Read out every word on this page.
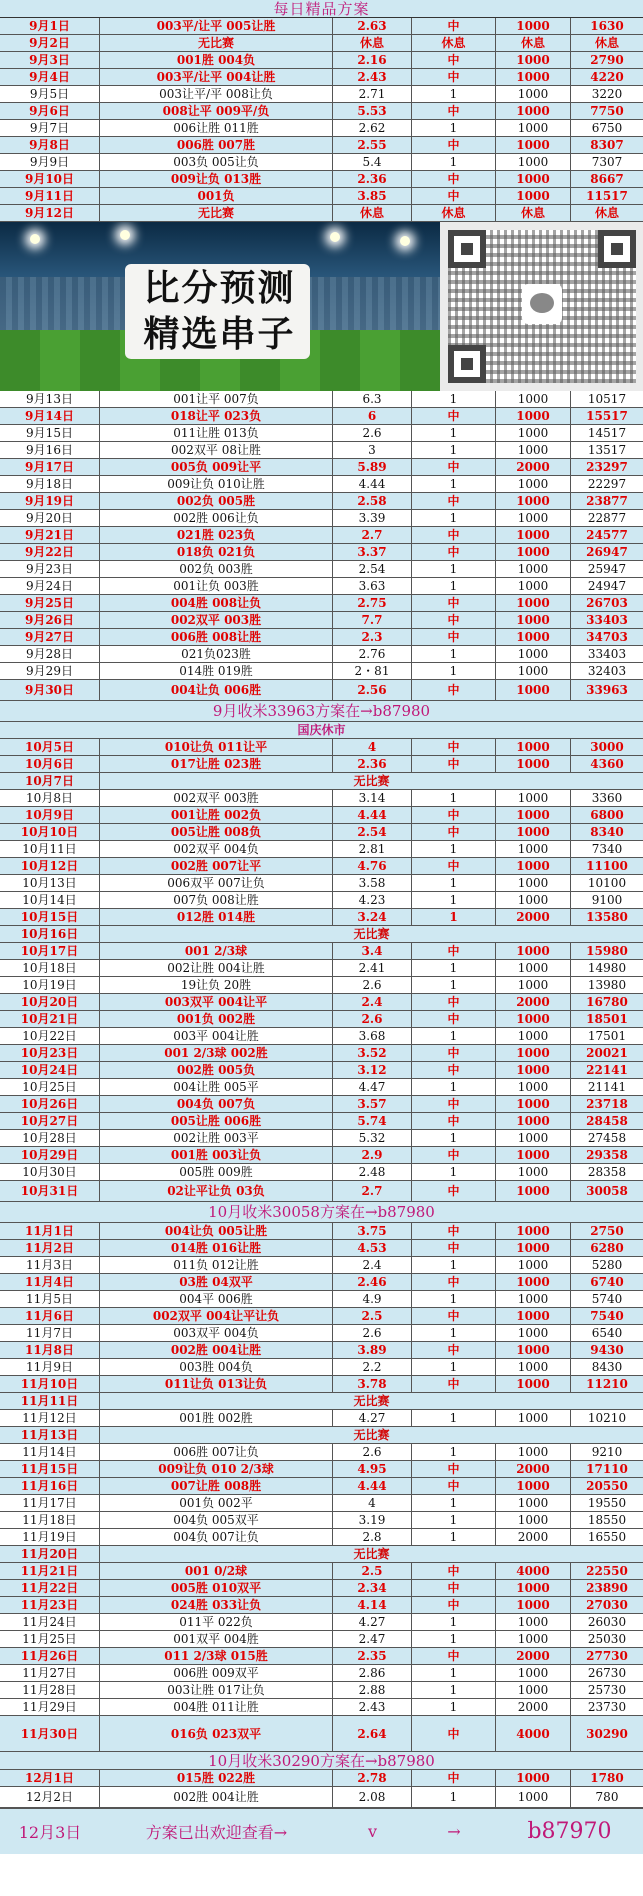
每日精品方案
9月1日	003平/让平 005让胜	2.63	中	1000	1630
9月2日	无比赛	休息	休息	休息	休息
9月3日	001胜 004负	2.16	中	1000	2790
9月4日	003平/让平 004让胜	2.43	中	1000	4220
9月5日	003让平/平 008让负	2.71	1	1000	3220
9月6日	008让平 009平/负	5.53	中	1000	7750
9月7日	006让胜 011胜	2.62	1	1000	6750
9月8日	006胜 007胜	2.55	中	1000	8307
9月9日	003负 005让负	5.4	1	1000	7307
9月10日	009让负 013胜	2.36	中	1000	8667
9月11日	001负	3.85	中	1000	11517
9月12日	无比赛	休息	休息	休息	休息
比分预测
精选串子
9月13日	001让平 007负	6.3	1	1000	10517
9月14日	018让平 023负	6	中	1000	15517
9月15日	011让胜 013负	2.6	1	1000	14517
9月16日	002双平 08让胜	3	1	1000	13517
9月17日	005负 009让平	5.89	中	2000	23297
9月18日	009让负 010让胜	4.44	1	1000	22297
9月19日	002负 005胜	2.58	中	1000	23877
9月20日	002胜 006让负	3.39	1	1000	22877
9月21日	021胜 023负	2.7	中	1000	24577
9月22日	018负 021负	3.37	中	1000	26947
9月23日	002负 003胜	2.54	1	1000	25947
9月24日	001让负 003胜	3.63	1	1000	24947
9月25日	004胜 008让负	2.75	中	1000	26703
9月26日	002双平 003胜	7.7	中	1000	33403
9月27日	006胜 008让胜	2.3	中	1000	34703
9月28日	021负023胜	2.76	1	1000	33403
9月29日	014胜 019胜	2・81	1	1000	32403
9月30日	004让负 006胜	2.56	中	1000	33963
9月收米33963方案在→b87980
国庆休市
10月5日	010让负 011让平	4	中	1000	3000
10月6日	017让胜 023胜	2.36	中	1000	4360
10月7日	无比赛
10月8日	002双平 003胜	3.14	1	1000	3360
10月9日	001让胜 002负	4.44	中	1000	6800
10月10日	005让胜 008负	2.54	中	1000	8340
10月11日	002双平 004负	2.81	1	1000	7340
10月12日	002胜 007让平	4.76	中	1000	11100
10月13日	006双平 007让负	3.58	1	1000	10100
10月14日	007负 008让胜	4.23	1	1000	9100
10月15日	012胜 014胜	3.24	1	2000	13580
10月16日	无比赛
10月17日	001 2/3球	3.4	中	1000	15980
10月18日	002让胜 004让胜	2.41	1	1000	14980
10月19日	19让负 20胜	2.6	1	1000	13980
10月20日	003双平 004让平	2.4	中	2000	16780
10月21日	001负 002胜	2.6	中	1000	18501
10月22日	003平 004让胜	3.68	1	1000	17501
10月23日	001 2/3球 002胜	3.52	中	1000	20021
10月24日	002胜 005负	3.12	中	1000	22141
10月25日	004让胜 005平	4.47	1	1000	21141
10月26日	004负 007负	3.57	中	1000	23718
10月27日	005让胜 006胜	5.74	中	1000	28458
10月28日	002让胜 003平	5.32	1	1000	27458
10月29日	001胜 003让负	2.9	中	1000	29358
10月30日	005胜 009胜	2.48	1	1000	28358
10月31日	02让平让负 03负	2.7	中	1000	30058
10月收米30058方案在→b87980
11月1日	004让负 005让胜	3.75	中	1000	2750
11月2日	014胜 016让胜	4.53	中	1000	6280
11月3日	011负 012让胜	2.4	1	1000	5280
11月4日	03胜 04双平	2.46	中	1000	6740
11月5日	004平 006胜	4.9	1	1000	5740
11月6日	002双平 004让平让负	2.5	中	1000	7540
11月7日	003双平 004负	2.6	1	1000	6540
11月8日	002胜 004让胜	3.89	中	1000	9430
11月9日	003胜 004负	2.2	1	1000	8430
11月10日	011让负 013让负	3.78	中	1000	11210
11月11日	无比赛
11月12日	001胜 002胜	4.27	1	1000	10210
11月13日	无比赛
11月14日	006胜 007让负	2.6	1	1000	9210
11月15日	009让负 010 2/3球	4.95	中	2000	17110
11月16日	007让胜 008胜	4.44	中	1000	20550
11月17日	001负 002平	4	1	1000	19550
11月18日	004负 005双平	3.19	1	1000	18550
11月19日	004负 007让负	2.8	1	2000	16550
11月20日	无比赛
11月21日	001 0/2球	2.5	中	4000	22550
11月22日	005胜 010双平	2.34	中	1000	23890
11月23日	024胜 033让负	4.14	中	1000	27030
11月24日	011平 022负	4.27	1	1000	26030
11月25日	001双平 004胜	2.47	1	1000	25030
11月26日	011 2/3球 015胜	2.35	中	2000	27730
11月27日	006胜 009双平	2.86	1	1000	26730
11月28日	003让胜 017让负	2.88	1	1000	25730
11月29日	004胜 011让胜	2.43	1	2000	23730
11月30日	016负 023双平	2.64	中	4000	30290
10月收米30290方案在→b87980
12月1日	015胜 022胜	2.78	中	1000	1780
12月2日	002胜 004让胜	2.08	1	1000	780
12月3日	方案已出欢迎查看→	v	→	b87970
